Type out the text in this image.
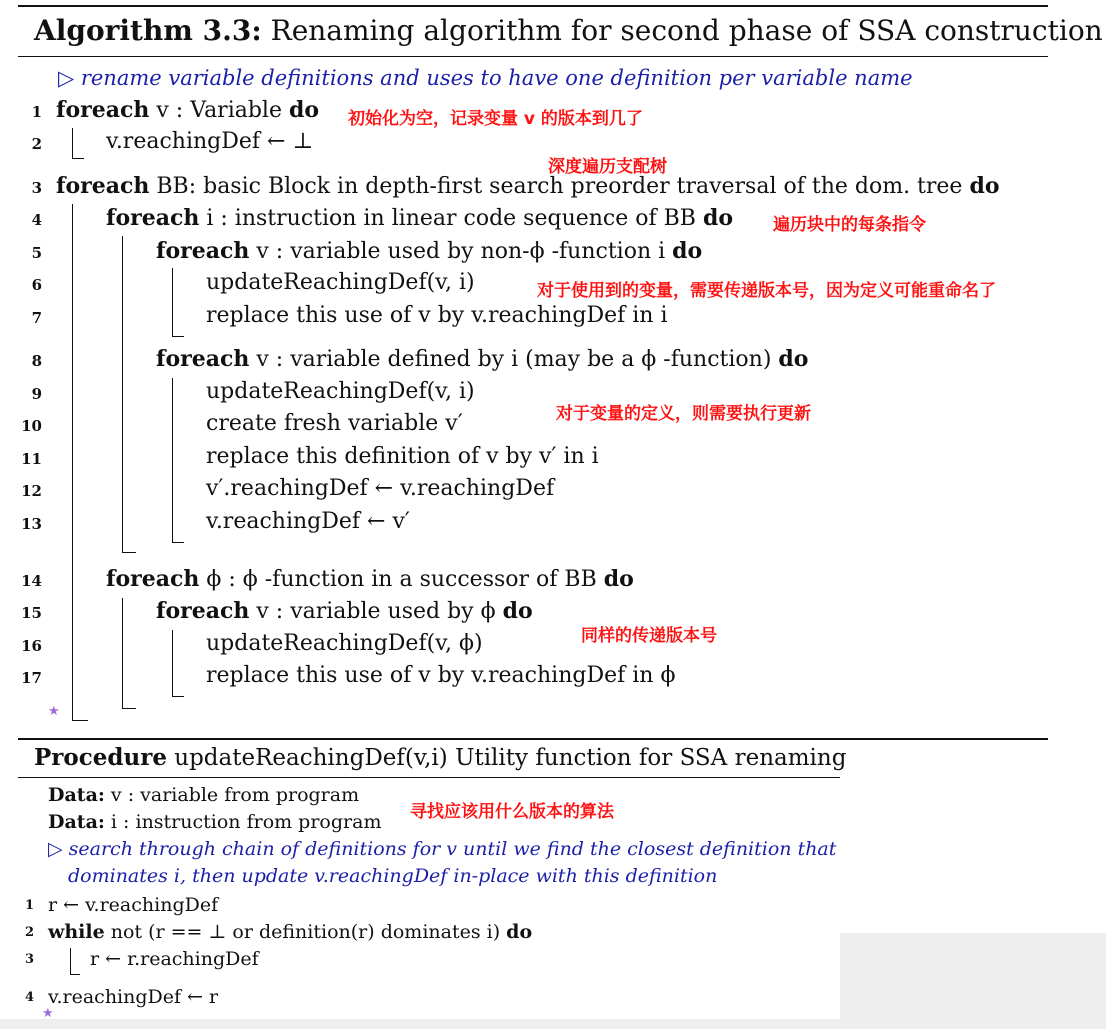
Algorithm 3.3: Renaming algorithm for second phase of SSA construction
▷ rename variable definitions and uses to have one definition per variable name
1 foreach v : Variable do
2	v.reachingDef ← ⊥
3 foreach BB: basic Block in depth-first search preorder traversal of the dom. tree do
4	foreach i : instruction in linear code sequence of BB do
5	foreach v : variable used by non-ϕ -function i do
6	updateReachingDef(v, i)
7	replace this use of v by v.reachingDef in i
8	foreach v : variable defined by i (may be a ϕ -function) do
9	updateReachingDef(v, i)
10	create fresh variable v′
11	replace this definition of v by v′ in i
12	v′.reachingDef ← v.reachingDef
13	v.reachingDef ← v′
14	foreach ϕ : ϕ -function in a successor of BB do
15	foreach v : variable used by ϕ do
16	updateReachingDef(v, ϕ)
17	replace this use of v by v.reachingDef in ϕ
★
初始化为空，记录变量 v 的版本到几了
深度遍历支配树
遍历块中的每条指令
对于使用到的变量，需要传递版本号，因为定义可能重命名了
对于变量的定义，则需要执行更新
同样的传递版本号
Procedure updateReachingDef(v,i) Utility function for SSA renaming
Data: v : variable from program
Data: i : instruction from program 寻找应该用什么版本的算法
▷ search through chain of definitions for v until we find the closest definition that
dominates i, then update v.reachingDef in-place with this definition
1 r ← v.reachingDef
2 while not (r == ⊥ or definition(r) dominates i) do
3	r ← r.reachingDef
4 v.reachingDef ← r
★
